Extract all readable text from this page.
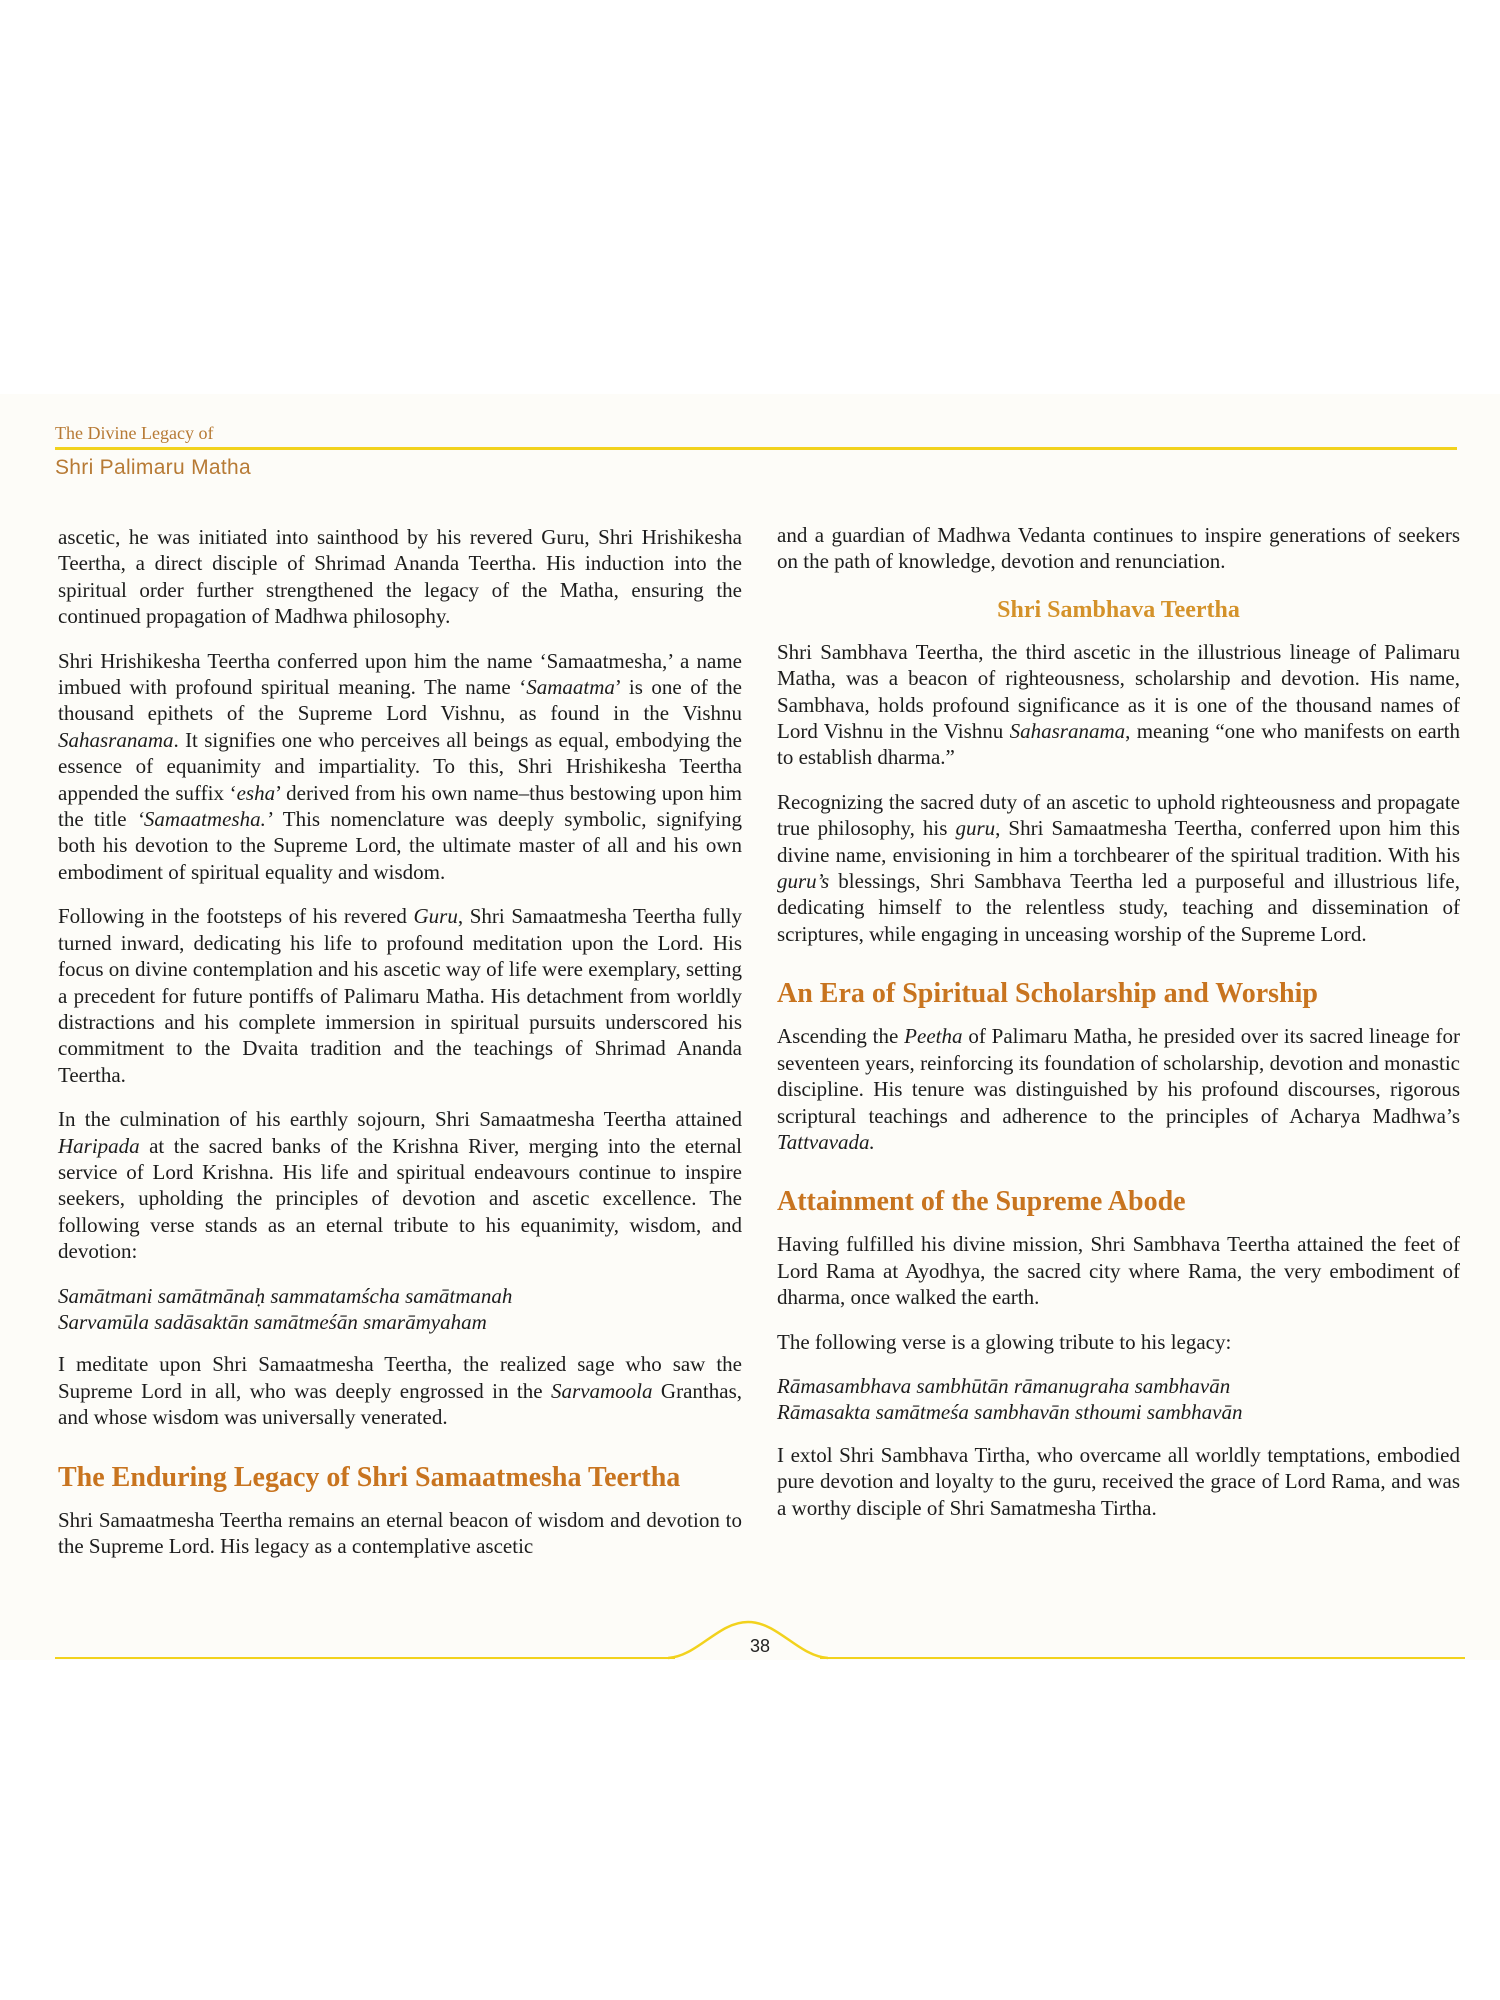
The Divine Legacy of
Shri Palimaru Matha

ascetic, he was initiated into sainthood by his revered Guru, Shri Hrishikesha Teertha, a direct disciple of Shrimad Ananda Teertha. His induction into the spiritual order further strengthened the legacy of the Matha, ensuring the continued propagation of Madhwa philosophy.

Shri Hrishikesha Teertha conferred upon him the name ‘Samaatmesha,’ a name imbued with profound spiritual meaning. The name ‘Samaatma’ is one of the thousand epithets of the Supreme Lord Vishnu, as found in the Vishnu Sahasranama. It signifies one who perceives all beings as equal, embodying the essence of equanimity and impartiality. To this, Shri Hrishikesha Teertha appended the suffix ‘esha’ derived from his own name–thus bestowing upon him the title ‘Samaatmesha.’ This nomenclature was deeply symbolic, signifying both his devotion to the Supreme Lord, the ultimate master of all and his own embodiment of spiritual equality and wisdom.

Following in the footsteps of his revered Guru, Shri Samaatmesha Teertha fully turned inward, dedicating his life to profound meditation upon the Lord. His focus on divine contemplation and his ascetic way of life were exemplary, setting a precedent for future pontiffs of Palimaru Matha. His detachment from worldly distractions and his complete immersion in spiritual pursuits underscored his commitment to the Dvaita tradition and the teachings of Shrimad Ananda Teertha.

In the culmination of his earthly sojourn, Shri Samaatmesha Teertha attained Haripada at the sacred banks of the Krishna River, merging into the eternal service of Lord Krishna. His life and spiritual endeavours continue to inspire seekers, upholding the principles of devotion and ascetic excellence. The following verse stands as an eternal tribute to his equanimity, wisdom, and devotion:

Samātmani samātmānaḥ sammatamścha samātmanah
Sarvamūla sadāsaktān samātmeśān smarāmyaham

I meditate upon Shri Samaatmesha Teertha, the realized sage who saw the Supreme Lord in all, who was deeply engrossed in the Sarvamoola Granthas, and whose wisdom was universally venerated.

The Enduring Legacy of Shri Samaatmesha Teertha

Shri Samaatmesha Teertha remains an eternal beacon of wisdom and devotion to the Supreme Lord. His legacy as a contemplative ascetic

and a guardian of Madhwa Vedanta continues to inspire generations of seekers on the path of knowledge, devotion and renunciation.

Shri Sambhava Teertha

Shri Sambhava Teertha, the third ascetic in the illustrious lineage of Palimaru Matha, was a beacon of righteousness, scholarship and devotion. His name, Sambhava, holds profound significance as it is one of the thousand names of Lord Vishnu in the Vishnu Sahasranama, meaning “one who manifests on earth to establish dharma.”

Recognizing the sacred duty of an ascetic to uphold righteousness and propagate true philosophy, his guru, Shri Samaatmesha Teertha, conferred upon him this divine name, envisioning in him a torchbearer of the spiritual tradition. With his guru’s blessings, Shri Sambhava Teertha led a purposeful and illustrious life, dedicating himself to the relentless study, teaching and dissemination of scriptures, while engaging in unceasing worship of the Supreme Lord.

An Era of Spiritual Scholarship and Worship

Ascending the Peetha of Palimaru Matha, he presided over its sacred lineage for seventeen years, reinforcing its foundation of scholarship, devotion and monastic discipline. His tenure was distinguished by his profound discourses, rigorous scriptural teachings and adherence to the principles of Acharya Madhwa’s Tattvavada.

Attainment of the Supreme Abode

Having fulfilled his divine mission, Shri Sambhava Teertha attained the feet of Lord Rama at Ayodhya, the sacred city where Rama, the very embodiment of dharma, once walked the earth.

The following verse is a glowing tribute to his legacy:

Rāmasambhava sambhūtān rāmanugraha sambhavān
Rāmasakta samātmeśa sambhavān sthoumi sambhavān

I extol Shri Sambhava Tirtha, who overcame all worldly temptations, embodied pure devotion and loyalty to the guru, received the grace of Lord Rama, and was a worthy disciple of Shri Samatmesha Tirtha.

38
